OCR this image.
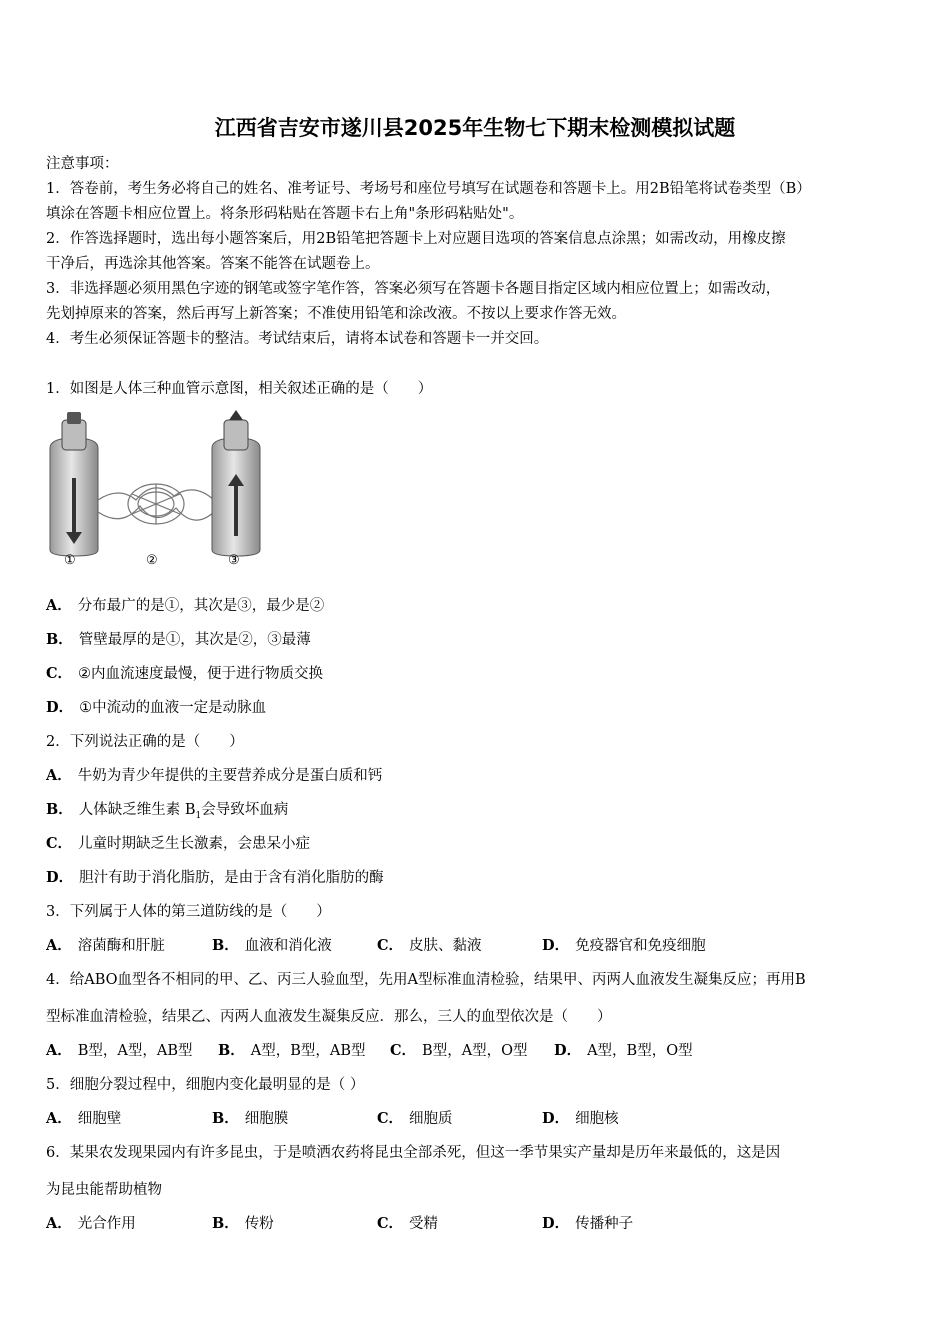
江西省吉安市遂川县2025年生物七下期末检测模拟试题
注意事项：
1．答卷前，考生务必将自己的姓名、准考证号、考场号和座位号填写在试题卷和答题卡上。用2B铅笔将试卷类型（B）
填涂在答题卡相应位置上。将条形码粘贴在答题卡右上角"条形码粘贴处"。
2．作答选择题时，选出每小题答案后，用2B铅笔把答题卡上对应题目选项的答案信息点涂黑；如需改动，用橡皮擦
干净后，再选涂其他答案。答案不能答在试题卷上。
3．非选择题必须用黑色字迹的钢笔或签字笔作答，答案必须写在答题卡各题目指定区域内相应位置上；如需改动，
先划掉原来的答案，然后再写上新答案；不准使用铅笔和涂改液。不按以上要求作答无效。
4．考生必须保证答题卡的整洁。考试结束后，请将本试卷和答题卡一并交回。
1．如图是人体三种血管示意图，相关叙述正确的是（　　）
①	②	③
A． 分布最广的是①，其次是③，最少是②
B． 管壁最厚的是①，其次是②，③最薄
C． ②内血流速度最慢，便于进行物质交换
D． ①中流动的血液一定是动脉血
2．下列说法正确的是（　　）
A． 牛奶为青少年提供的主要营养成分是蛋白质和钙
B． 人体缺乏维生素 $B_1$会导致坏血病
C． 儿童时期缺乏生长激素，会患呆小症
D． 胆汁有助于消化脂肪，是由于含有消化脂肪的酶
3．下列属于人体的第三道防线的是（　　）
A． 溶菌酶和肝脏	B． 血液和消化液	C． 皮肤、黏液	D． 免疫器官和免疫细胞
4．给ABO血型各不相同的甲、乙、丙三人验血型，先用A型标准血清检验，结果甲、丙两人血液发生凝集反应；再用B
型标准血清检验，结果乙、丙两人血液发生凝集反应．那么，三人的血型依次是（　　）
A． B型，A型，AB型 B． A型，B型，AB型 C． B型，A型，O型 D． A型，B型，O型
5．细胞分裂过程中，细胞内变化最明显的是（ ）
A． 细胞壁	B． 细胞膜	C． 细胞质	D． 细胞核
6．某果农发现果园内有许多昆虫，于是喷洒农药将昆虫全部杀死，但这一季节果实产量却是历年来最低的，这是因
为昆虫能帮助植物
A． 光合作用	B． 传粉	C． 受精	D． 传播种子
